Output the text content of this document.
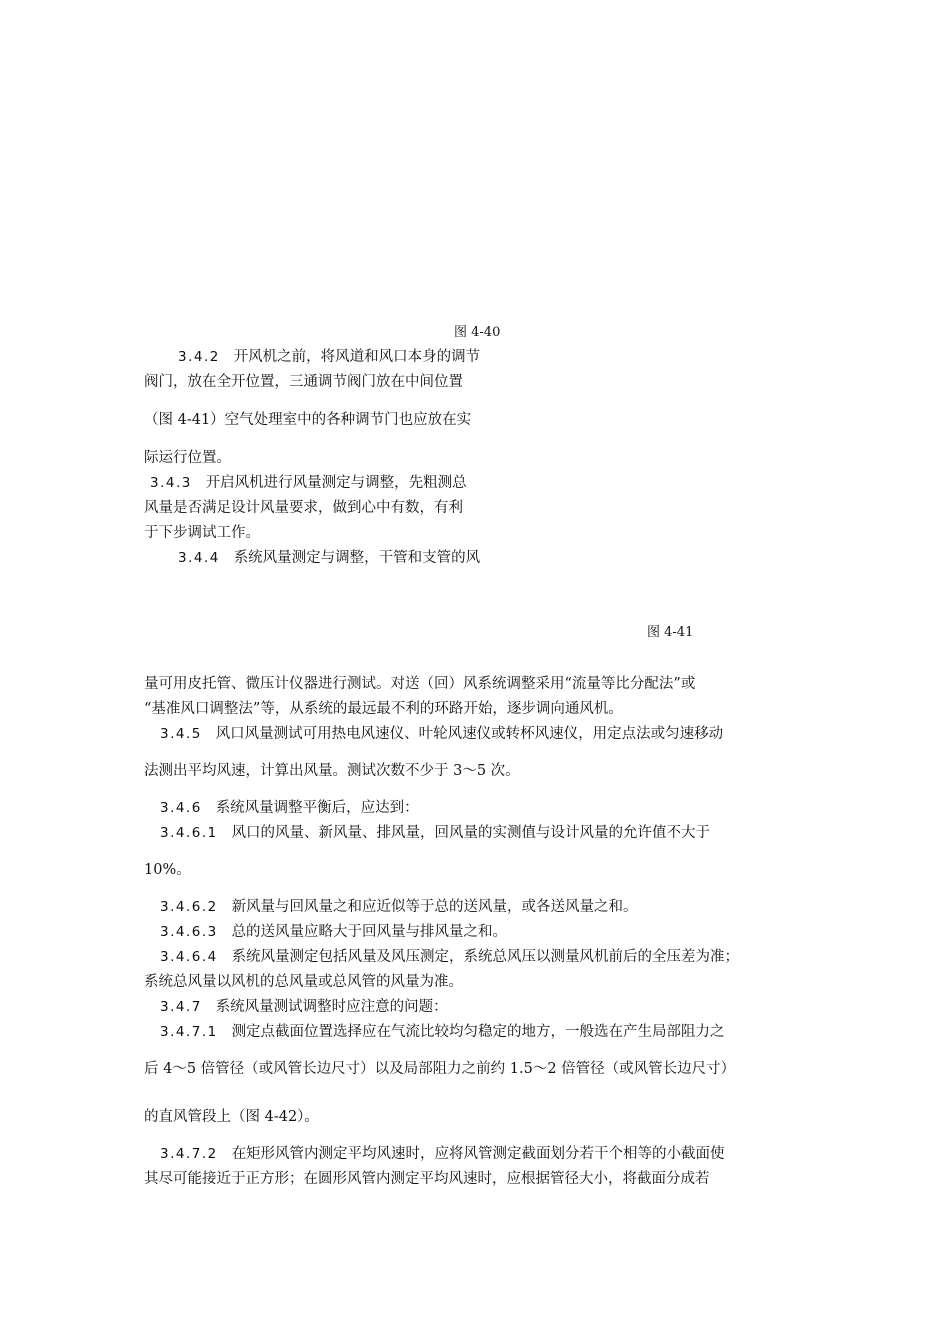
图 4-40
3.4.2 开风机之前，将风道和风口本身的调节
阀门，放在全开位置，三通调节阀门放在中间位置
（图 4-41）空气处理室中的各种调节门也应放在实
际运行位置。
3.4.3 开启风机进行风量测定与调整，先粗测总
风量是否满足设计风量要求，做到心中有数，有利
于下步调试工作。
3.4.4 系统风量测定与调整，干管和支管的风
图 4-41
量可用皮托管、微压计仪器进行测试。对送（回）风系统调整采用“流量等比分配法”或
“基准风口调整法”等，从系统的最远最不利的环路开始，逐步调向通风机。
3.4.5 风口风量测试可用热电风速仪、叶轮风速仪或转杯风速仪，用定点法或匀速移动
法测出平均风速，计算出风量。测试次数不少于 3～5 次。
3.4.6 系统风量调整平衡后，应达到：
3.4.6.1 风口的风量、新风量、排风量，回风量的实测值与设计风量的允许值不大于
10%。
3.4.6.2 新风量与回风量之和应近似等于总的送风量，或各送风量之和。
3.4.6.3 总的送风量应略大于回风量与排风量之和。
3.4.6.4 系统风量测定包括风量及风压测定，系统总风压以测量风机前后的全压差为准；
系统总风量以风机的总风量或总风管的风量为准。
3.4.7 系统风量测试调整时应注意的问题：
3.4.7.1 测定点截面位置选择应在气流比较均匀稳定的地方，一般选在产生局部阻力之
后 4～5 倍管径（或风管长边尺寸）以及局部阻力之前约 1.5～2 倍管径（或风管长边尺寸）
的直风管段上（图 4-42）。
3.4.7.2 在矩形风管内测定平均风速时，应将风管测定截面划分若干个相等的小截面使
其尽可能接近于正方形；在圆形风管内测定平均风速时，应根据管径大小，将截面分成若
